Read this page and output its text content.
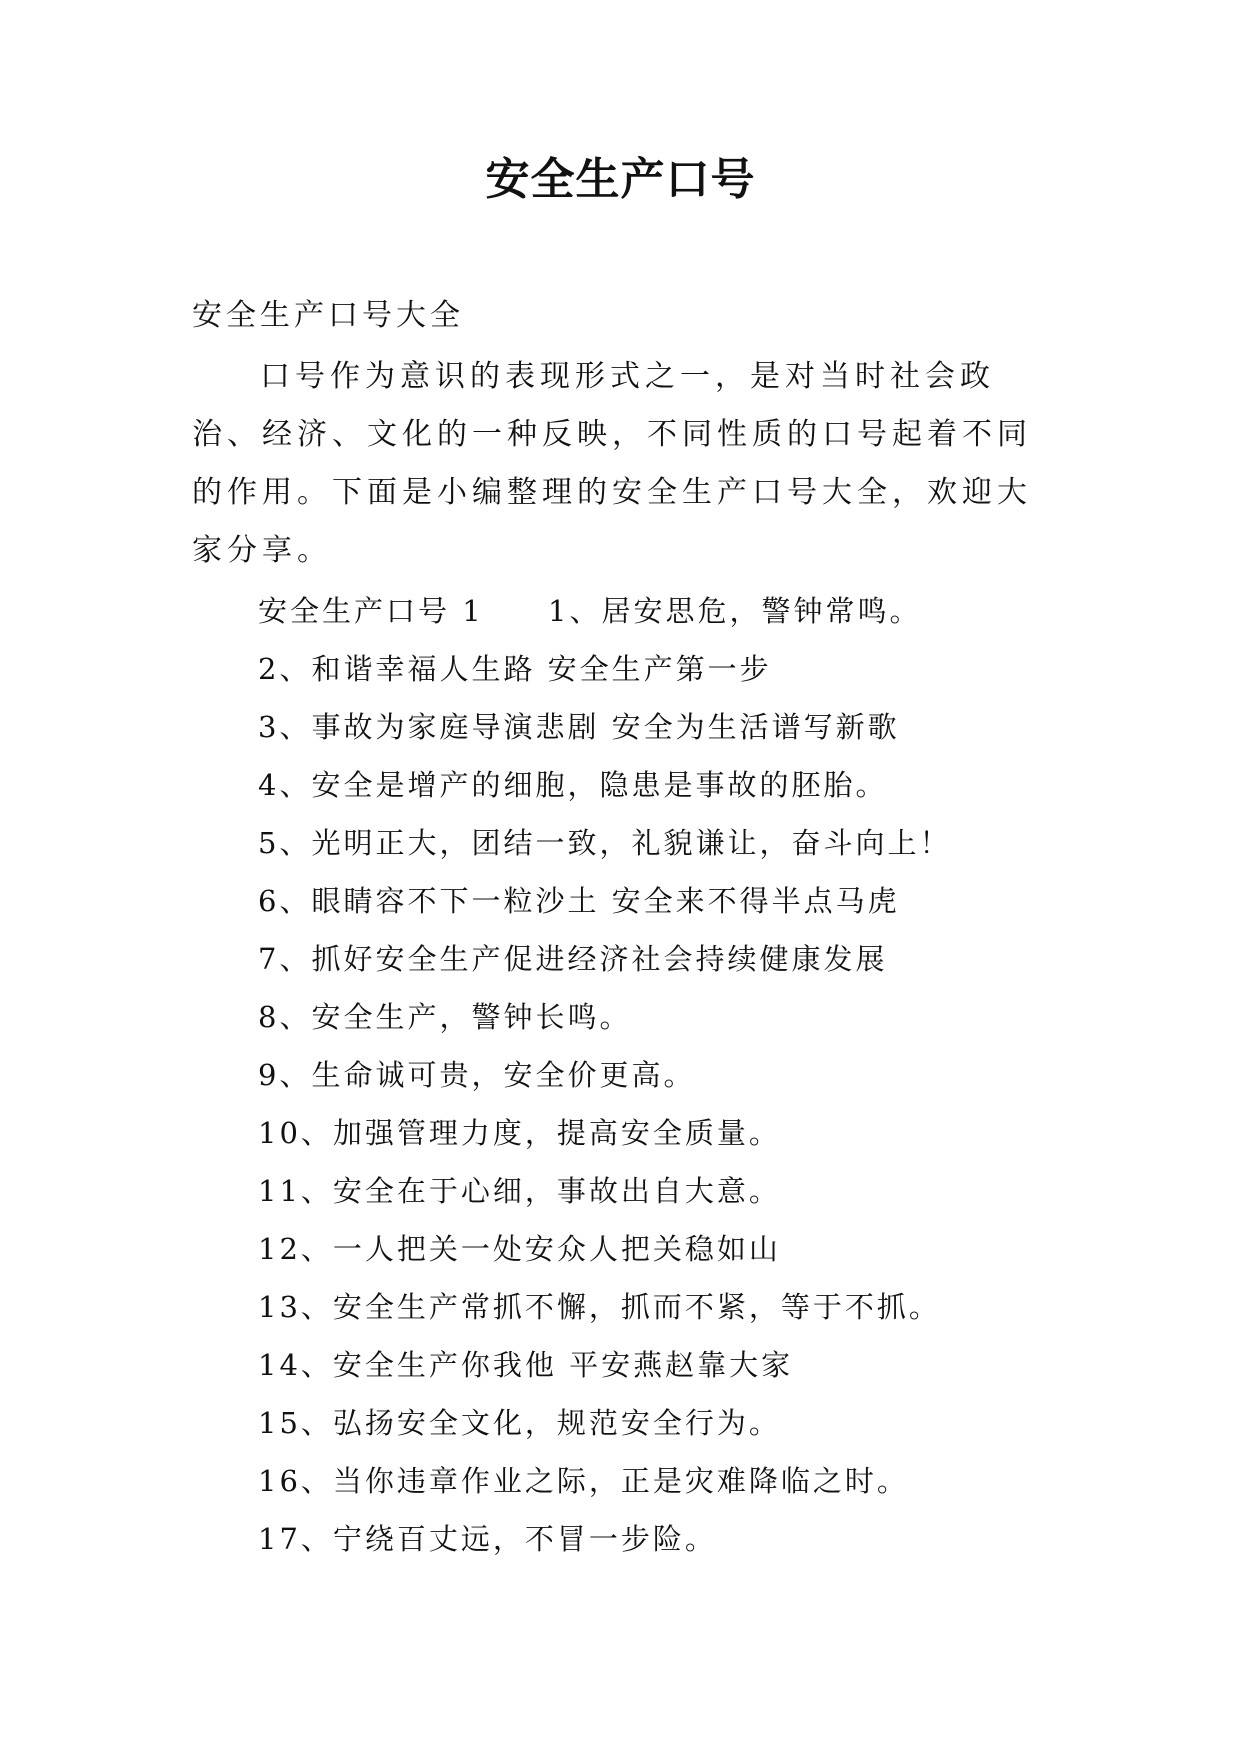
安全生产口号

安全生产口号大全

口号作为意识的表现形式之一，是对当时社会政治、经济、文化的一种反映，不同性质的口号起着不同的作用。下面是小编整理的安全生产口号大全，欢迎大家分享。

安全生产口号 1 1、居安思危，警钟常鸣。
2、和谐幸福人生路 安全生产第一步
3、事故为家庭导演悲剧 安全为生活谱写新歌
4、安全是增产的细胞，隐患是事故的胚胎。
5、光明正大，团结一致，礼貌谦让，奋斗向上！
6、眼睛容不下一粒沙土 安全来不得半点马虎
7、抓好安全生产促进经济社会持续健康发展
8、安全生产，警钟长鸣。
9、生命诚可贵，安全价更高。
10、加强管理力度，提高安全质量。
11、安全在于心细，事故出自大意。
12、一人把关一处安众人把关稳如山
13、安全生产常抓不懈，抓而不紧，等于不抓。
14、安全生产你我他 平安燕赵靠大家
15、弘扬安全文化，规范安全行为。
16、当你违章作业之际，正是灾难降临之时。
17、宁绕百丈远，不冒一步险。
